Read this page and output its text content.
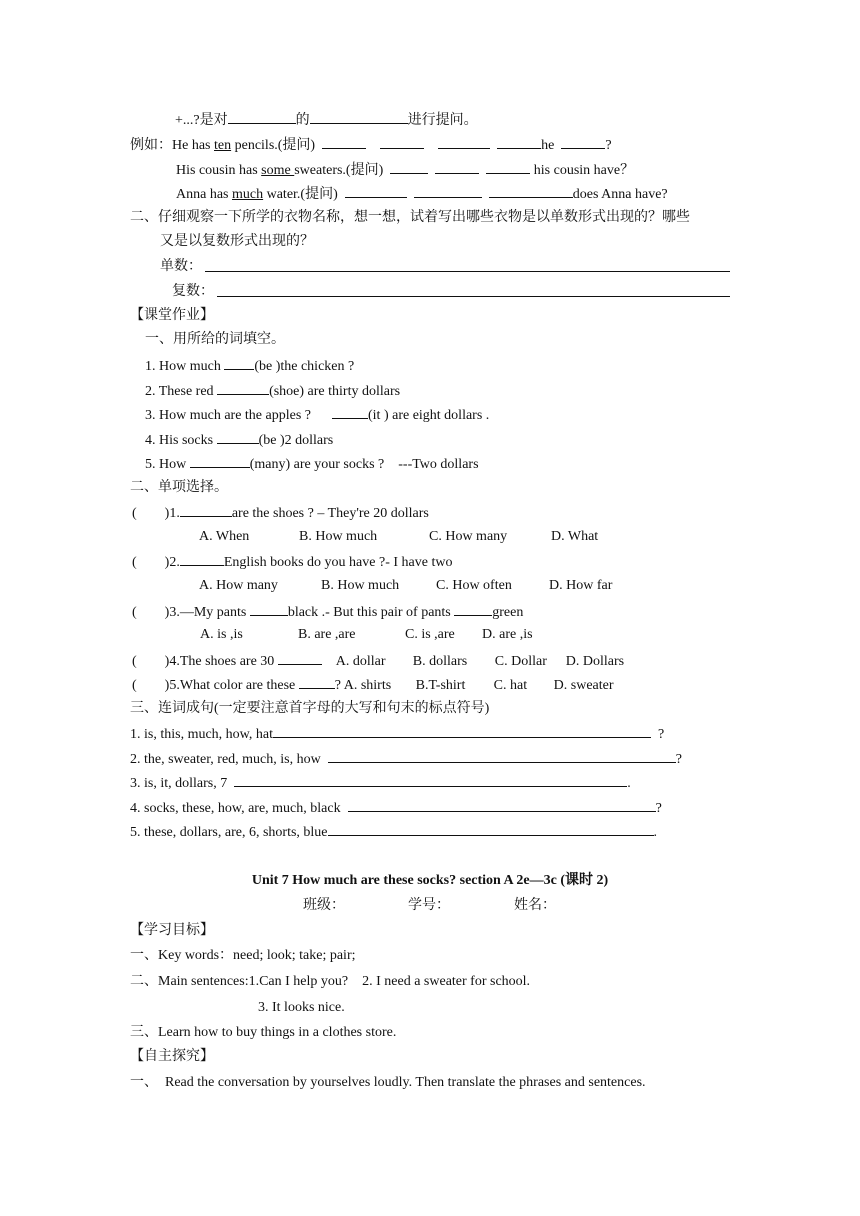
+...?是对	的	进行提问。
例如：He has ten pencils.(提问)	he	?
His cousin has some sweaters.(提问)	his cousin have？
Anna has much water.(提问)	does Anna have?
二、仔细观察一下所学的衣物名称，想一想，试着写出哪些衣物是以单数形式出现的？哪些
又是以复数形式出现的？
单数：
复数：
【课堂作业】
一、用所给的词填空。
1. How much (be )the chicken ?
2. These red	(shoe) are thirty dollars
3. How much are the apples ?	(it ) are eight dollars .
4. His socks	(be )2 dollars
5. How	(many) are your socks ?    ---Two dollars
二、单项选择。
(        )1.	are the shoes ? – They're 20 dollars
A. When	B. How much	C. How many	D. What
(        )2.	English books do you have ?- I have two
A. How many	B. How much	C. How often	D. How far
(        )3.—My pants	black .- But this pair of pants	green
A. is ,is	B. are ,are	C. is ,are D. are ,is
(        )4.The shoes are 30	A. dollar B. dollars C. Dollar D. Dollars
(        )5.What color are these	? A. shirts B.T-shirt C. hat D. sweater
三、连词成句(一定要注意首字母的大写和句末的标点符号)
1. is, this, much, how, hat	?
2. the, sweater, red, much, is, how	?
3. is, it, dollars, 7	.
4. socks, these, how, are, much, black	?
5. these, dollars, are, 6, shorts, blue	.
Unit 7 How much are these socks? section A 2e—3c (课时 2)
班级：	学号：	姓名：
【学习目标】
一、Key words：need; look; take; pair;
二、Main sentences:1.Can I help you?    2. I need a sweater for school.
3. It looks nice.
三、Learn how to buy things in a clothes store.
【自主探究】
一、  Read the conversation by yourselves loudly. Then translate the phrases and sentences.
